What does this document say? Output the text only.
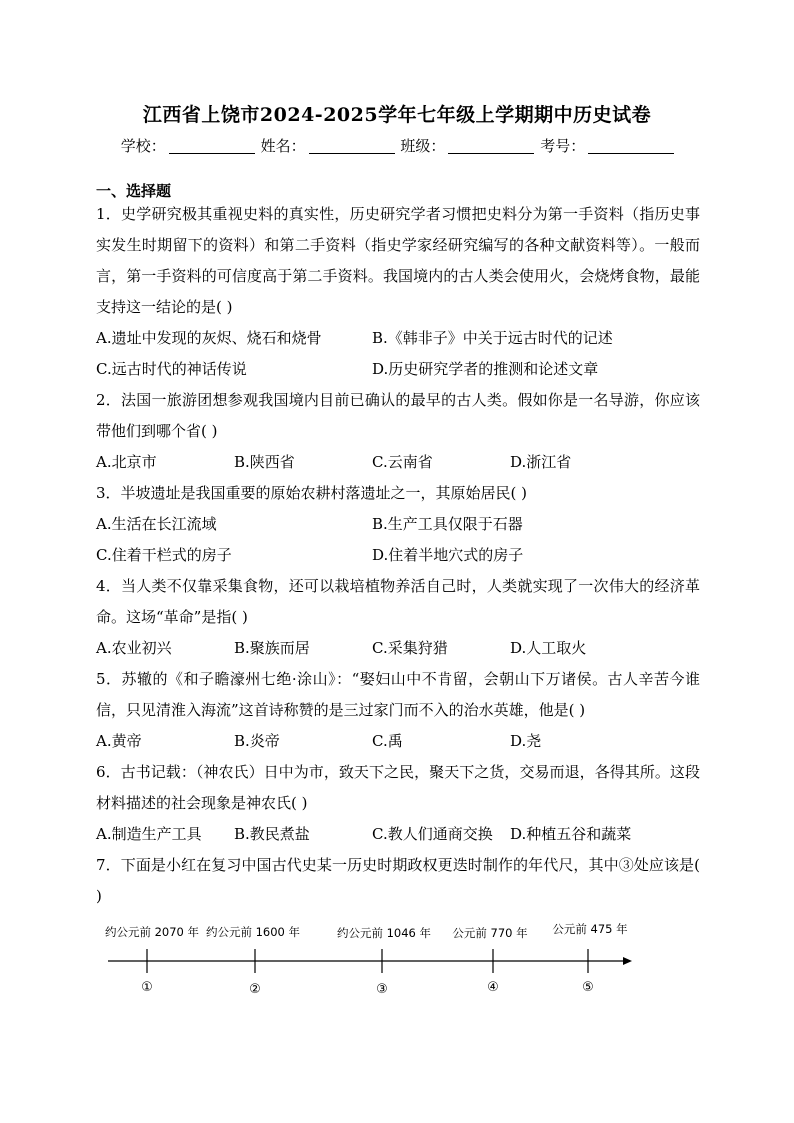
江西省上饶市2024-2025学年七年级上学期期中历史试卷
学校：	姓名：	班级：	考号：
一、选择题
1．史学研究极其重视史料的真实性，历史研究学者习惯把史料分为第一手资料（指历史事实发生时期留下的资料）和第二手资料（指史学家经研究编写的各种文献资料等）。一般而言，第一手资料的可信度高于第二手资料。我国境内的古人类会使用火，会烧烤食物，最能支持这一结论的是( )
A.遗址中发现的灰烬、烧石和烧骨	B.《韩非子》中关于远古时代的记述
C.远古时代的神话传说	D.历史研究学者的推测和论述文章
2．法国一旅游团想参观我国境内目前已确认的最早的古人类。假如你是一名导游，你应该带他们到哪个省( )
A.北京市	B.陕西省	C.云南省	D.浙江省
3．半坡遗址是我国重要的原始农耕村落遗址之一，其原始居民( )
A.生活在长江流域	B.生产工具仅限于石器
C.住着干栏式的房子	D.住着半地穴式的房子
4．当人类不仅靠采集食物，还可以栽培植物养活自己时，人类就实现了一次伟大的经济革命。这场“革命”是指( )
A.农业初兴	B.聚族而居	C.采集狩猎	D.人工取火
5．苏辙的《和子瞻濠州七绝·涂山》：“娶妇山中不肯留，会朝山下万诸侯。古人辛苦今谁信，只见清淮入海流”这首诗称赞的是三过家门而不入的治水英雄，他是( )
A.黄帝	B.炎帝	C.禹	D.尧
6．古书记载：（神农氏）日中为市，致天下之民，聚天下之货，交易而退，各得其所。这段材料描述的社会现象是神农氏( )
A.制造生产工具	B.教民煮盐	C.教人们通商交换	D.种植五谷和蔬菜
7．下面是小红在复习中国古代史某一历史时期政权更迭时制作的年代尺，其中③处应该是( )
约公元前 2070 年 约公元前 1600 年	约公元前 1046 年 公元前 770 年 公元前 475 年
①	②	③	④	⑤
